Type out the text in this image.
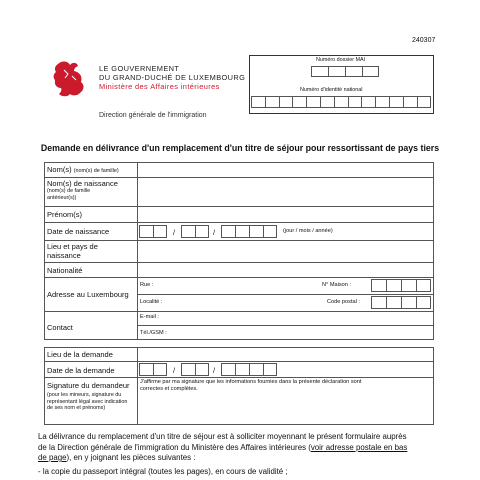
240307
LE GOUVERNEMENT
DU GRAND-DUCHÉ DE LUXEMBOURG
Ministère des Affaires intérieures
Direction générale de l'immigration
Numéro dossier MAI
Numéro d'identité national
Demande en délivrance d'un remplacement d'un titre de séjour pour ressortissant de pays tiers
Nom(s) (nom(s) de famille)
Nom(s) de naissance
(nom(s) de famille
antérieur(s))
Prénom(s)
Date de naissance	/	/	(jour / mois / année)
Lieu et pays de
naissance
Nationalité
Adresse au Luxembourg
Rue :	N° Maison :
Localité :	Code postal :
Contact
E-mail :
Tél./GSM :
Lieu de la demande
Date de la demande	/	/
Signature du demandeur
(pour les mineurs, signature du
représentant légal avec indication
de ses nom et prénoms)
J'affirme par ma signature que les informations fournies dans la présente déclaration sont
correctes et complètes.
La délivrance du remplacement d'un titre de séjour est à solliciter moyennant le présent formulaire auprès
de la Direction générale de l'immigration du Ministère des Affaires intérieures (voir adresse postale en bas
de page), en y joignant les pièces suivantes :
- la copie du passeport intégral (toutes les pages), en cours de validité ;
